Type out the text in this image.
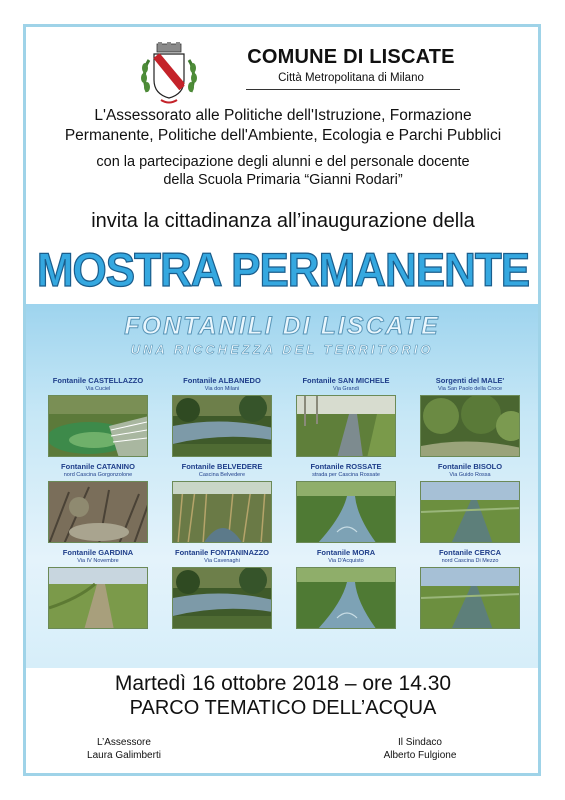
COMUNE DI LISCATE
Città Metropolitana di Milano
L'Assessorato alle Politiche dell'Istruzione, Formazione
Permanente, Politiche dell'Ambiente, Ecologia e Parchi Pubblici
con la partecipazione degli alunni e del personale docente
della Scuola Primaria “Gianni Rodari”
invita la cittadinanza all’inaugurazione della
MOSTRA PERMANENTE
FONTANILI DI LISCATE
UNA RICCHEZZA DEL TERRITORIO
Fontanile CASTELLAZZO
Via Cuciel
Fontanile ALBANEDO
Via don Milani
Fontanile SAN MICHELE
Via Grandi
Sorgenti del MALE'
Via San Paolo della Croce
Fontanile CATANINO
nord Cascina Gorgonzolone
Fontanile BELVEDERE
Cascina Belvedere
Fontanile ROSSATE
strada per Cascina Rossate
Fontanile BISOLO
Via Guido Rossa
Fontanile GARDINA
Via IV Novembre
Fontanile FONTANINAZZO
Via Cavenaghi
Fontanile MORA
Via D'Acquisto
Fontanile CERCA
nord Cascina Di Mezzo
Martedì 16 ottobre 2018 – ore 14.30
PARCO TEMATICO DELL’ACQUA
L’Assessore
Laura Galimberti
Il Sindaco
Alberto Fulgione
